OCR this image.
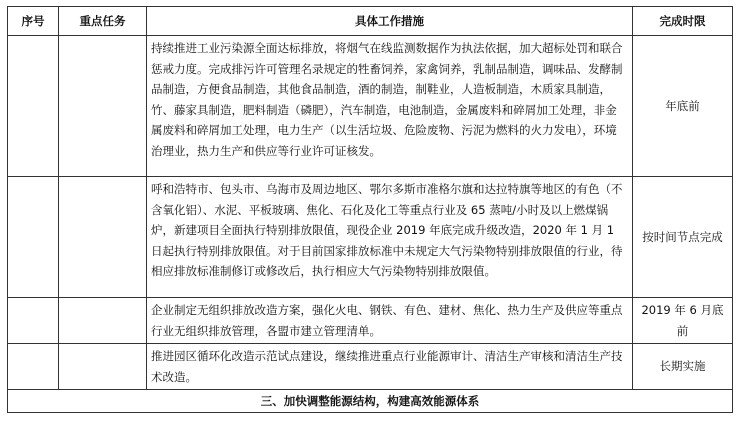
序号	重点任务	具体工作措施	完成时限
		持续推进工业污染源全面达标排放，将烟气在线监测数据作为执法依据，加大超标处罚和联合惩戒力度。完成排污许可管理名录规定的牲畜饲养，家禽饲养，乳制品制造，调味品、发酵制品制造，方便食品制造，其他食品制造，酒的制造，制鞋业，人造板制造，木质家具制造，竹、藤家具制造，肥料制造（磷肥），汽车制造，电池制造，金属废料和碎屑加工处理，非金属废料和碎屑加工处理，电力生产（以生活垃圾、危险废物、污泥为燃料的火力发电），环境治理业，热力生产和供应等行业许可证核发。	年底前
		呼和浩特市、包头市、乌海市及周边地区、鄂尔多斯市准格尔旗和达拉特旗等地区的有色（不含氧化铝）、水泥、平板玻璃、焦化、石化及化工等重点行业及 65 蒸吨/小时及以上燃煤锅炉，新建项目全面执行特别排放限值，现役企业 2019 年底完成升级改造，2020 年 1 月 1 日起执行特别排放限值。对于目前国家排放标准中未规定大气污染物特别排放限值的行业，待相应排放标准制修订或修改后，执行相应大气污染物特别排放限值。	按时间节点完成
		企业制定无组织排放改造方案，强化火电、钢铁、有色、建材、焦化、热力生产及供应等重点行业无组织排放管理，各盟市建立管理清单。	2019 年 6 月底前
		推进园区循环化改造示范试点建设，继续推进重点行业能源审计、清洁生产审核和清洁生产技术改造。	长期实施
三、加快调整能源结构，构建高效能源体系			
